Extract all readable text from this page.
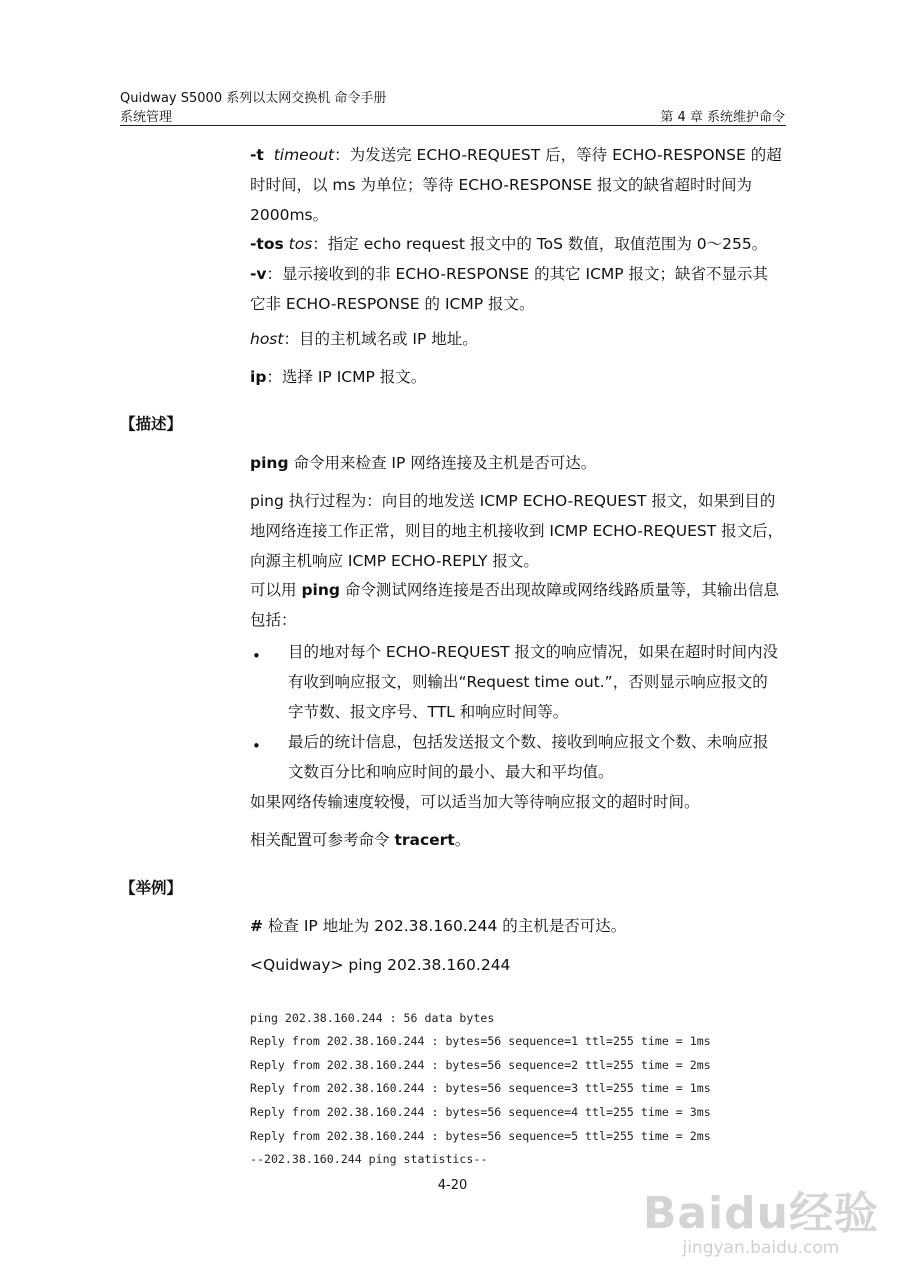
Quidway S5000 系列以太网交换机 命令手册
系统管理	第 4 章 系统维护命令
-t timeout：为发送完 ECHO-REQUEST 后，等待 ECHO-RESPONSE 的超
时时间，以 ms 为单位；等待 ECHO-RESPONSE 报文的缺省超时时间为
2000ms。
-tos tos：指定 echo request 报文中的 ToS 数值，取值范围为 0～255。
-v：显示接收到的非 ECHO-RESPONSE 的其它 ICMP 报文；缺省不显示其
它非 ECHO-RESPONSE 的 ICMP 报文。
host：目的主机域名或 IP 地址。
ip：选择 IP ICMP 报文。
【描述】
ping 命令用来检查 IP 网络连接及主机是否可达。
ping 执行过程为：向目的地发送 ICMP ECHO-REQUEST 报文，如果到目的
地网络连接工作正常，则目的地主机接收到 ICMP ECHO-REQUEST 报文后，
向源主机响应 ICMP ECHO-REPLY 报文。
可以用 ping 命令测试网络连接是否出现故障或网络线路质量等，其输出信息
包括：
• 目的地对每个 ECHO-REQUEST 报文的响应情况，如果在超时时间内没
有收到响应报文，则输出“Request time out.”，否则显示响应报文的
字节数、报文序号、TTL 和响应时间等。
• 最后的统计信息，包括发送报文个数、接收到响应报文个数、未响应报
文数百分比和响应时间的最小、最大和平均值。
如果网络传输速度较慢，可以适当加大等待响应报文的超时时间。
相关配置可参考命令 tracert。
【举例】
# 检查 IP 地址为 202.38.160.244 的主机是否可达。
<Quidway> ping 202.38.160.244

ping 202.38.160.244 : 56 data bytes
Reply from 202.38.160.244 : bytes=56 sequence=1 ttl=255 time = 1ms
Reply from 202.38.160.244 : bytes=56 sequence=2 ttl=255 time = 2ms
Reply from 202.38.160.244 : bytes=56 sequence=3 ttl=255 time = 1ms
Reply from 202.38.160.244 : bytes=56 sequence=4 ttl=255 time = 3ms
Reply from 202.38.160.244 : bytes=56 sequence=5 ttl=255 time = 2ms
--202.38.160.244 ping statistics--

4-20
Baidu经验
jingyan.baidu.com
